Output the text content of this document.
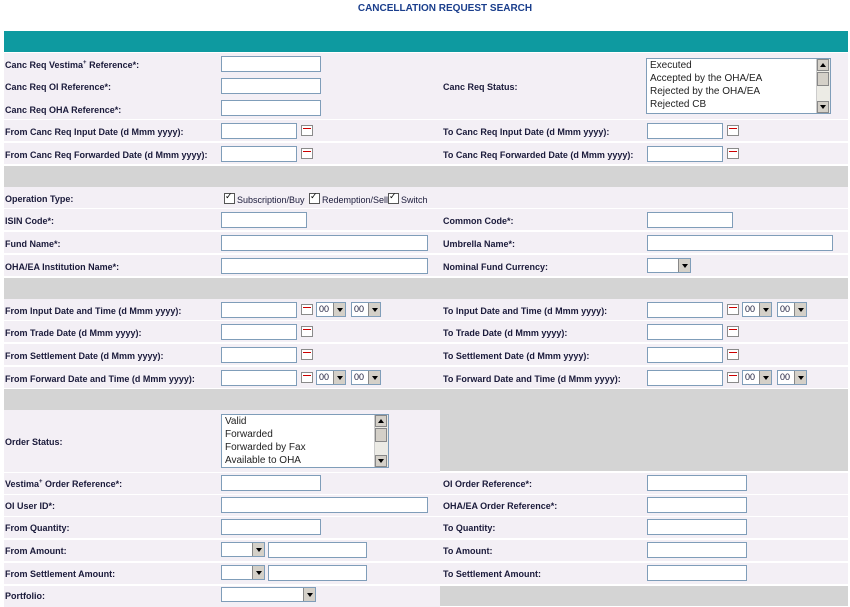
CANCELLATION REQUEST SEARCH
Canc Req Vestima+ Reference*:
Canc Req OI Reference*:
Canc Req OHA Reference*:
Canc Req Status:
Executed
Accepted by the OHA/EA
Rejected by the OHA/EA
Rejected CB
From Canc Req Input Date (d Mmm yyyy):	To Canc Req Input Date (d Mmm yyyy):
From Canc Req Forwarded Date (d Mmm yyyy):	To Canc Req Forwarded Date (d Mmm yyyy):
Operation Type: ✓	Subscription/Buy ✓	Redemption/Sell ✓	Switch
ISIN Code*:	Common Code*:
Fund Name*:	Umbrella Name*:
OHA/EA Institution Name*:	Nominal Fund Currency:
From Input Date and Time (d Mmm yyyy):	00	00	To Input Date and Time (d Mmm yyyy):	00	00
From Trade Date (d Mmm yyyy):	To Trade Date (d Mmm yyyy):
From Settlement Date (d Mmm yyyy):	To Settlement Date (d Mmm yyyy):
From Forward Date and Time (d Mmm yyyy):	00	00	To Forward Date and Time (d Mmm yyyy):	00	00
Order Status:
Valid
Forwarded
Forwarded by Fax
Available to OHA
Vestima+ Order Reference*:	OI Order Reference*:
OI User ID*:	OHA/EA Order Reference*:
From Quantity:	To Quantity:
From Amount:	To Amount:
From Settlement Amount:	To Settlement Amount:
Portfolio:
